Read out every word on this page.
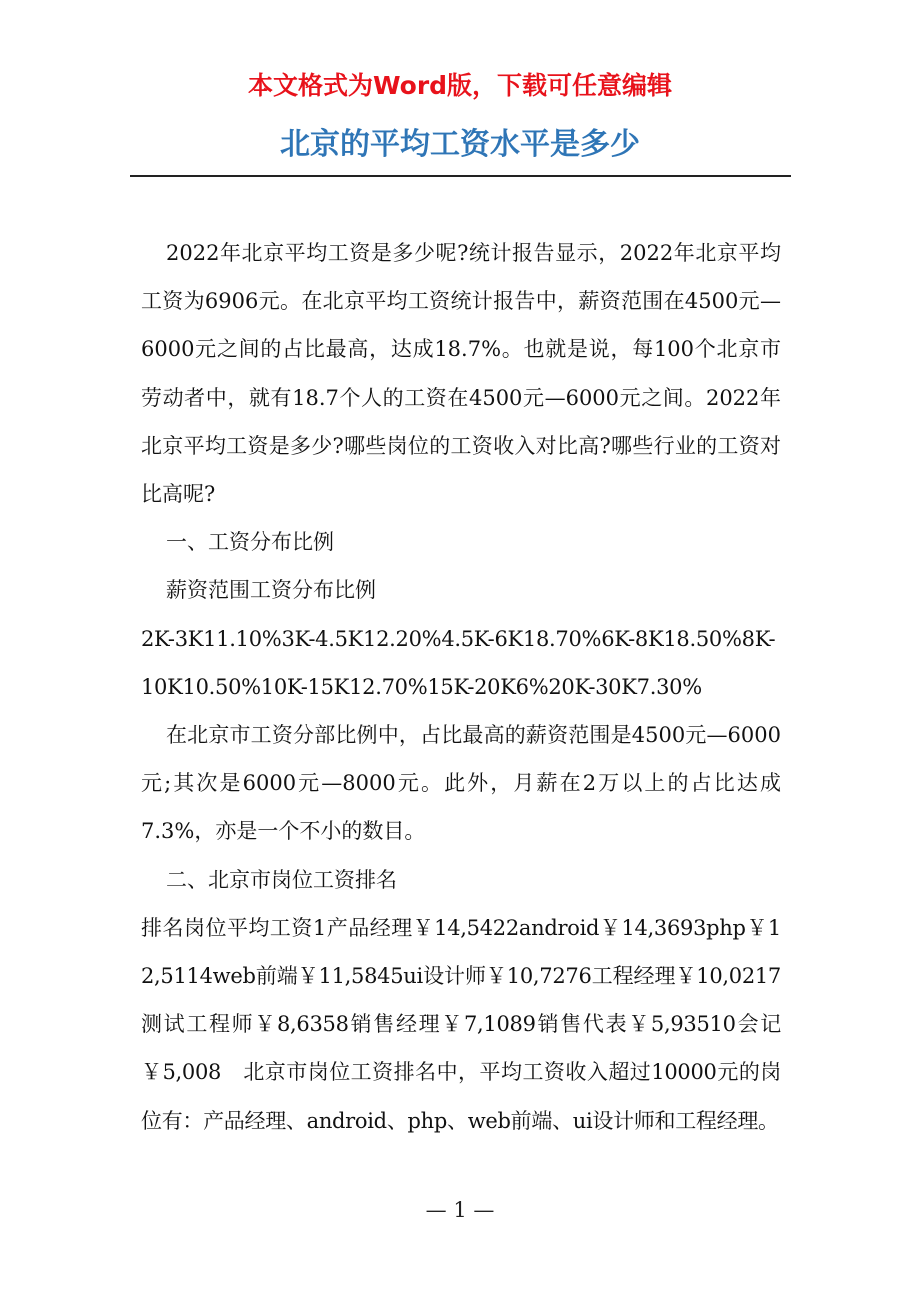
本文格式为Word版，下载可任意编辑
北京的平均工资水平是多少

2022年北京平均工资是多少呢?统计报告显示，2022年北京平均工资为6906元。在北京平均工资统计报告中，薪资范围在4500元—6000元之间的占比最高，达成18.7%。也就是说，每100个北京市劳动者中，就有18.7个人的工资在4500元—6000元之间。2022年北京平均工资是多少?哪些岗位的工资收入对比高?哪些行业的工资对比高呢?

一、工资分布比例

薪资范围工资分布比例

2K-3K11.10%3K-4.5K12.20%4.5K-6K18.70%6K-8K18.50%8K-10K10.50%10K-15K12.70%15K-20K6%20K-30K7.30%

在北京市工资分部比例中，占比最高的薪资范围是4500元—6000元;其次是6000元—8000元。此外，月薪在2万以上的占比达成7.3%，亦是一个不小的数目。

二、北京市岗位工资排名

排名岗位平均工资1产品经理￥14,5422android￥14,3693php￥12,5114web前端￥11,5845ui设计师￥10,7276工程经理￥10,0217测试工程师￥8,6358销售经理￥7,1089销售代表￥5,93510会记￥5,008　北京市岗位工资排名中，平均工资收入超过10000元的岗位有：产品经理、android、php、web前端、ui设计师和工程经理。

— 1 —
